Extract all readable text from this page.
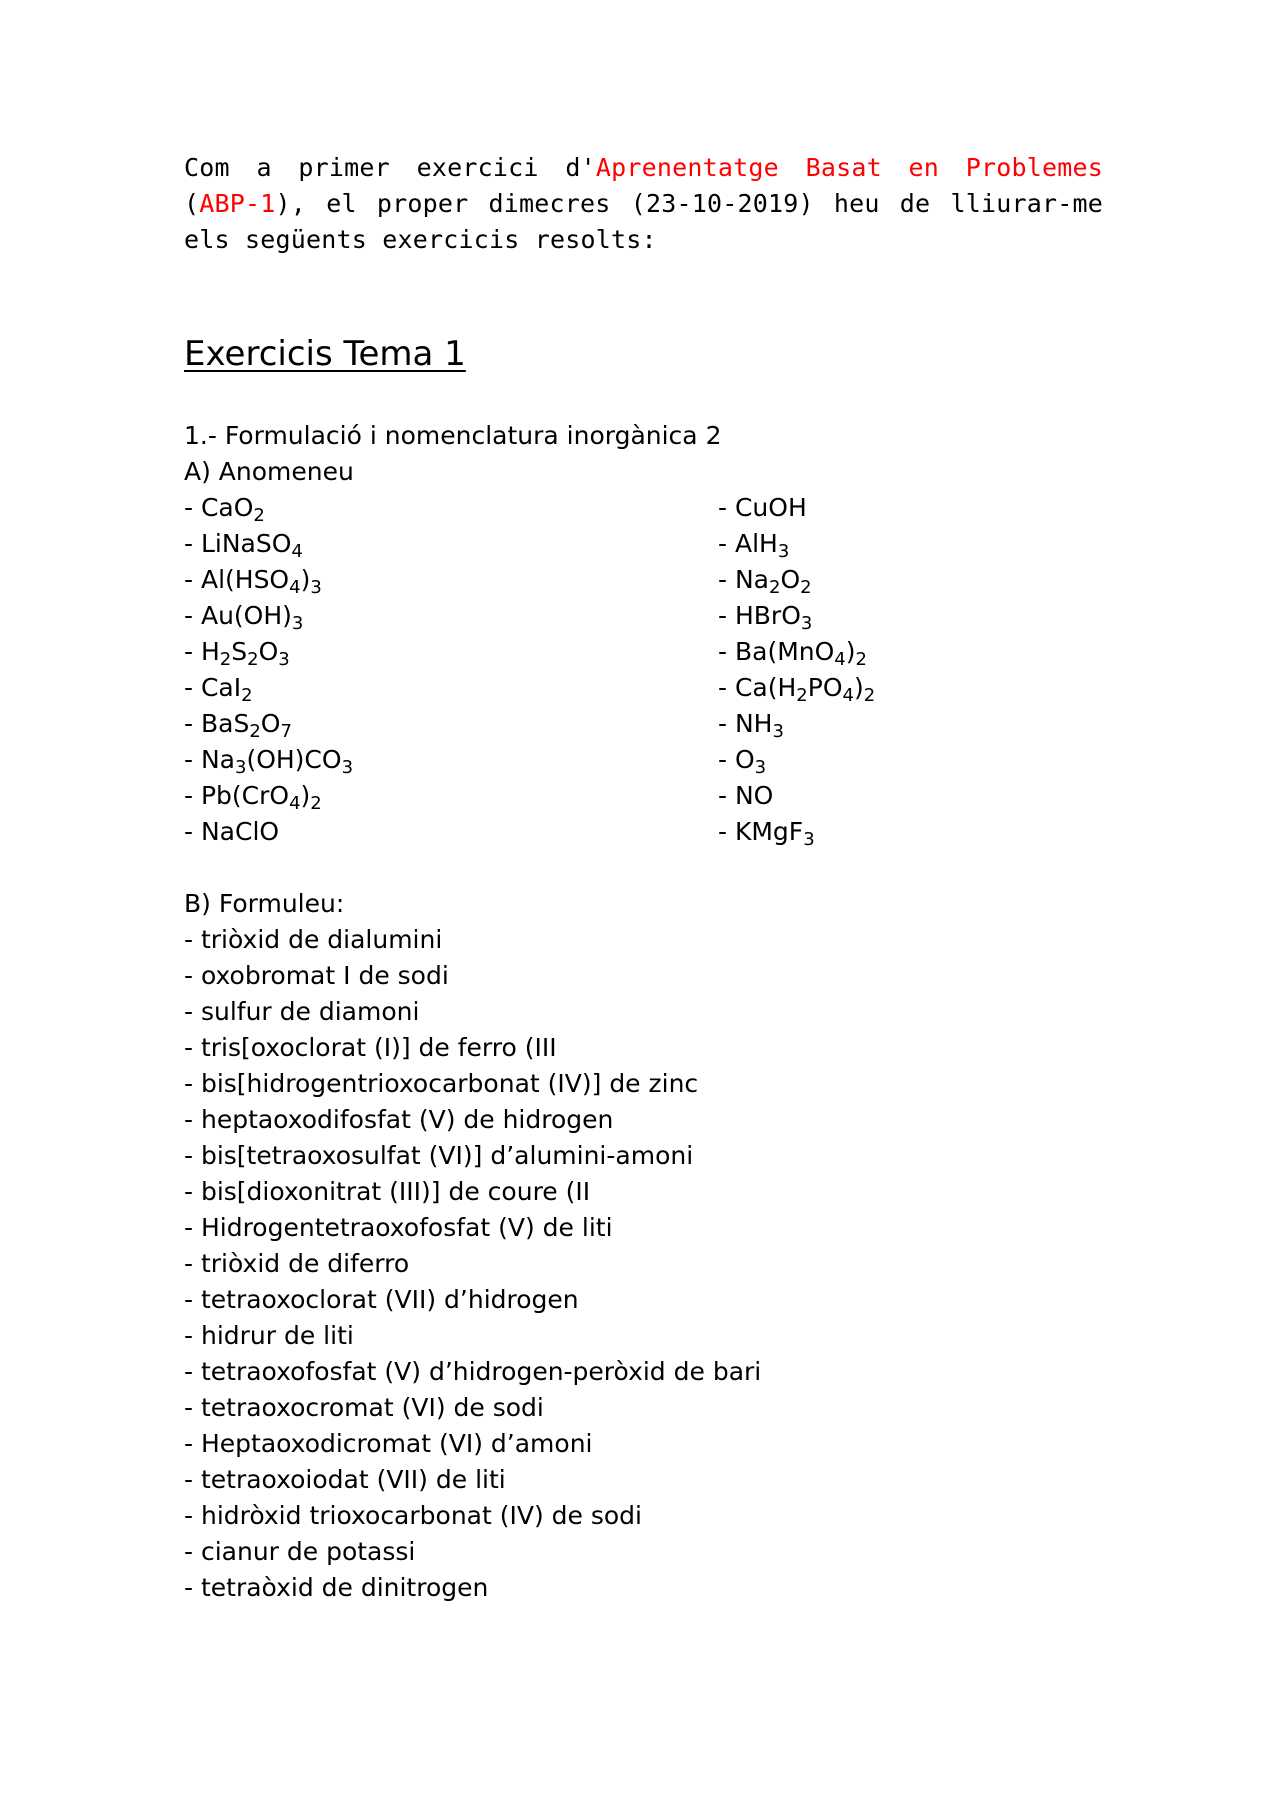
Com a primer exercici d'Aprenentatge Basat en Problemes (ABP-1), el proper dimecres (23-10-2019) heu de lliurar-me els següents exercicis resolts:

Exercicis Tema 1
1.- Formulació i nomenclatura inorgànica 2
A) Anomeneu
- CaO$_2$
- LiNaSO$_4$
- $Al(HSO_4)_3$
- $Au(OH)_3$
- $H_2S_2O_3$
- CaI$_2$
- $BaS_2O_7$
- $Na_3(OH)CO_3$
- $Pb(CrO_4)_2$
- NaClO
- CuOH
- AlH$_3$
- $Na_2O_2$
- HBrO$_3$
- $Ba(MnO_4)_2$
- $Ca(H_2PO_4)_2$
- $NH_3$
- $O_3$
- NO
- KMgF$_3$
B) Formuleu:
- triòxid de dialumini
- oxobromat I de sodi
- sulfur de diamoni
- tris[oxoclorat (I)] de ferro (III
- bis[hidrogentrioxocarbonat (IV)] de zinc
- heptaoxodifosfat (V) de hidrogen
- bis[tetraoxosulfat (VI)] d’alumini-amoni
- bis[dioxonitrat (III)] de coure (II
- Hidrogentetraoxofosfat (V) de liti
- triòxid de diferro
- tetraoxoclorat (VII) d’hidrogen
- hidrur de liti
- tetraoxofosfat (V) d’hidrogen-peròxid de bari
- tetraoxocromat (VI) de sodi
- Heptaoxodicromat (VI) d’amoni
- tetraoxoiodat (VII) de liti
- hidròxid trioxocarbonat (IV) de sodi
- cianur de potassi
- tetraòxid de dinitrogen
